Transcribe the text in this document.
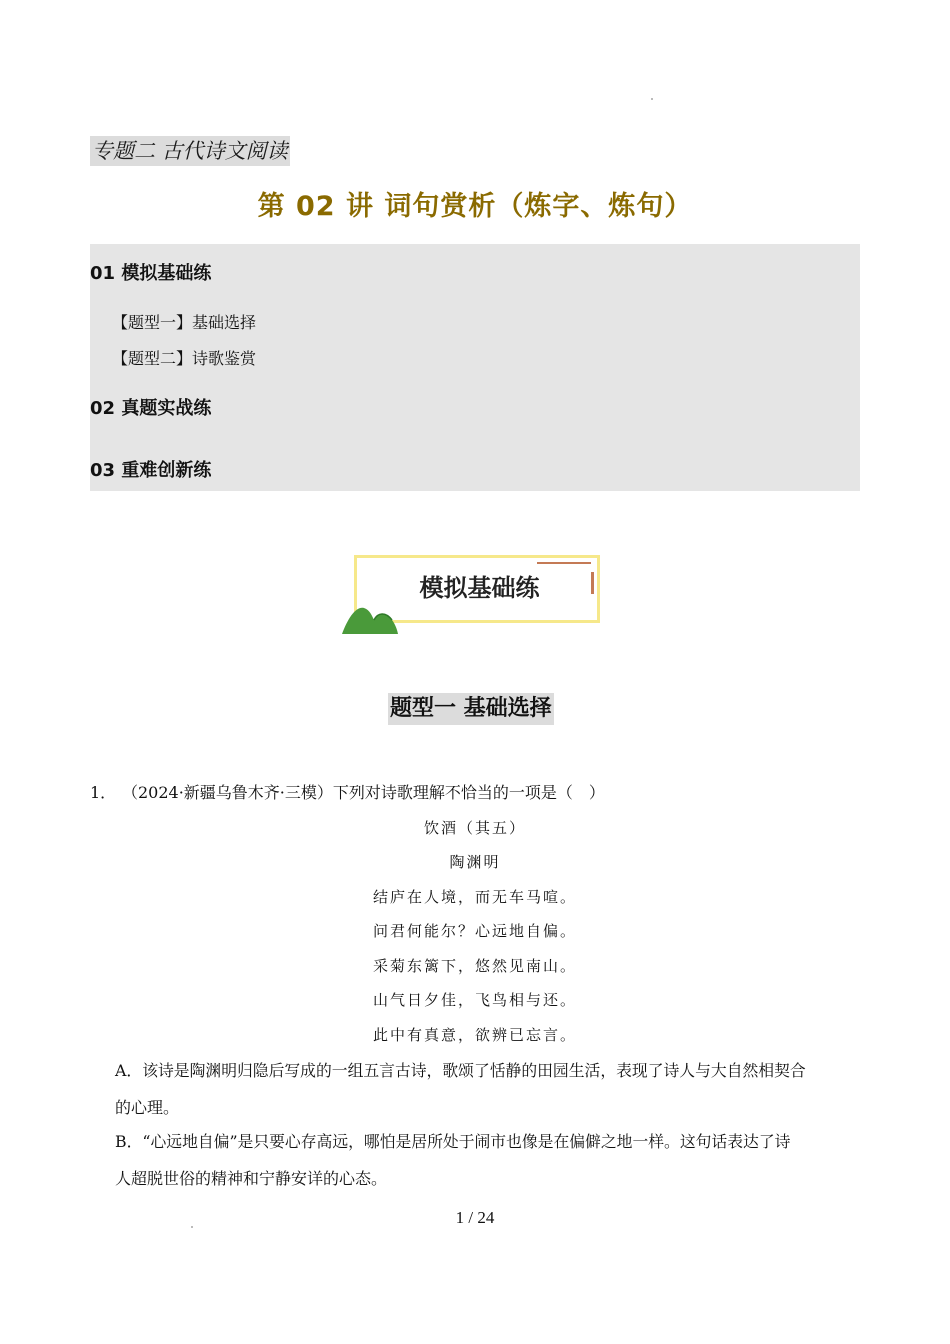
专题二 古代诗文阅读
第 02 讲 词句赏析（炼字、炼句）
01 模拟基础练
【题型一】基础选择
【题型二】诗歌鉴赏
02 真题实战练
03 重难创新练
模拟基础练
题型一 基础选择
1． （2024·新疆乌鲁木齐·三模）下列对诗歌理解不恰当的一项是（　）
饮酒（其五）
陶渊明
结庐在人境，而无车马喧。
问君何能尔？心远地自偏。
采菊东篱下，悠然见南山。
山气日夕佳，飞鸟相与还。
此中有真意，欲辨已忘言。
A．该诗是陶渊明归隐后写成的一组五言古诗，歌颂了恬静的田园生活，表现了诗人与大自然相契合
的心理。
B．“心远地自偏”是只要心存高远，哪怕是居所处于闹市也像是在偏僻之地一样。这句话表达了诗
人超脱世俗的精神和宁静安详的心态。
1 / 24
